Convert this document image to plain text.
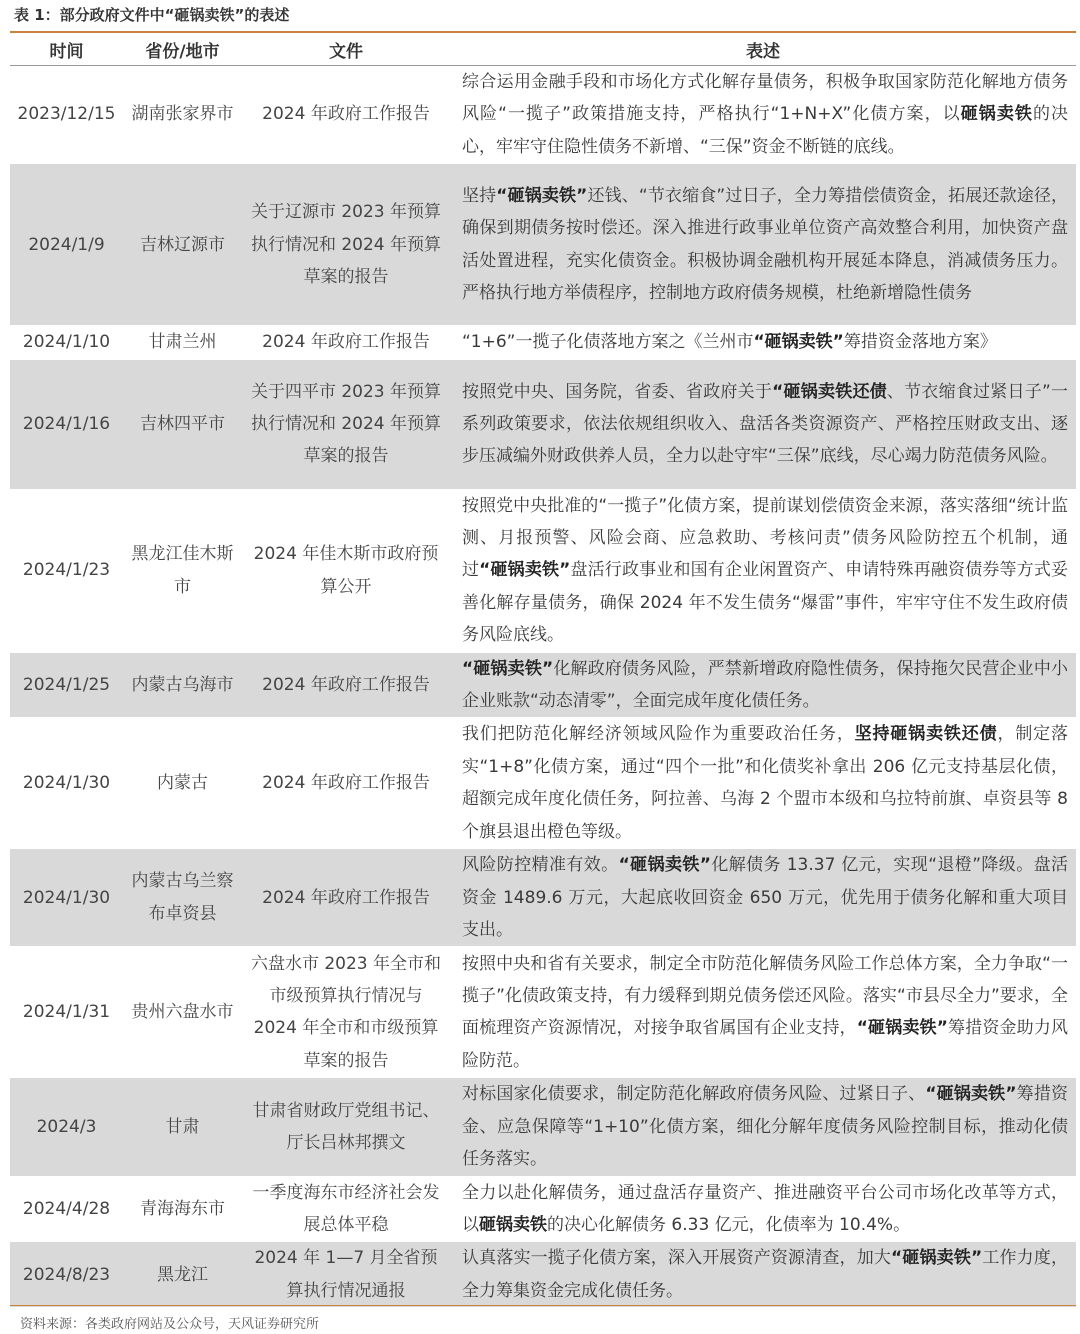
表 1：部分政府文件中“砸锅卖铁”的表述
时间	省份/地市	文件	表述
2023/12/15	湖南张家界市	2024 年政府工作报告	综合运用金融手段和市场化方式化解存量债务，积极争取国家防范化解地方债务风险“一揽子”政策措施支持，严格执行“1+N+X”化债方案，以砸锅卖铁的决心，牢牢守住隐性债务不新增、“三保”资金不断链的底线。
2024/1/9	吉林辽源市	关于辽源市 2023 年预算执行情况和 2024 年预算草案的报告	坚持“砸锅卖铁”还钱、“节衣缩食”过日子，全力筹措偿债资金，拓展还款途径，确保到期债务按时偿还。深入推进行政事业单位资产高效整合利用，加快资产盘活处置进程，充实化债资金。积极协调金融机构开展延本降息，消减债务压力。严格执行地方举债程序，控制地方政府债务规模，杜绝新增隐性债务
2024/1/10	甘肃兰州	2024 年政府工作报告	“1+6”一揽子化债落地方案之《兰州市“砸锅卖铁”筹措资金落地方案》
2024/1/16	吉林四平市	关于四平市 2023 年预算执行情况和 2024 年预算草案的报告	按照党中央、国务院，省委、省政府关于“砸锅卖铁还债、节衣缩食过紧日子”一系列政策要求，依法依规组织收入、盘活各类资源资产、严格控压财政支出、逐步压减编外财政供养人员，全力以赴守牢“三保”底线，尽心竭力防范债务风险。
2024/1/23	黑龙江佳木斯市	2024 年佳木斯市政府预算公开	按照党中央批准的“一揽子”化债方案，提前谋划偿债资金来源，落实落细“统计监测、月报预警、风险会商、应急救助、考核问责”债务风险防控五个机制，通过“砸锅卖铁”盘活行政事业和国有企业闲置资产、申请特殊再融资债券等方式妥善化解存量债务，确保 2024 年不发生债务“爆雷”事件，牢牢守住不发生政府债务风险底线。
2024/1/25	内蒙古乌海市	2024 年政府工作报告	“砸锅卖铁”化解政府债务风险，严禁新增政府隐性债务，保持拖欠民营企业中小企业账款“动态清零”，全面完成年度化债任务。
2024/1/30	内蒙古	2024 年政府工作报告	我们把防范化解经济领域风险作为重要政治任务，坚持砸锅卖铁还债，制定落实“1+8”化债方案，通过“四个一批”和化债奖补拿出 206 亿元支持基层化债，超额完成年度化债任务，阿拉善、乌海 2 个盟市本级和乌拉特前旗、卓资县等 8 个旗县退出橙色等级。
2024/1/30	内蒙古乌兰察布卓资县	2024 年政府工作报告	风险防控精准有效。“砸锅卖铁”化解债务 13.37 亿元，实现“退橙”降级。盘活资金 1489.6 万元，大起底收回资金 650 万元，优先用于债务化解和重大项目支出。
2024/1/31	贵州六盘水市	六盘水市 2023 年全市和市级预算执行情况与 2024 年全市和市级预算草案的报告	按照中央和省有关要求，制定全市防范化解债务风险工作总体方案，全力争取“一揽子”化债政策支持，有力缓释到期兑债务偿还风险。落实“市县尽全力”要求，全面梳理资产资源情况，对接争取省属国有企业支持，“砸锅卖铁”筹措资金助力风险防范。
2024/3	甘肃	甘肃省财政厅党组书记、厅长吕林邦撰文	对标国家化债要求，制定防范化解政府债务风险、过紧日子、“砸锅卖铁”筹措资金、应急保障等“1+10”化债方案，细化分解年度债务风险控制目标，推动化债任务落实。
2024/4/28	青海海东市	一季度海东市经济社会发展总体平稳	全力以赴化解债务，通过盘活存量资产、推进融资平台公司市场化改革等方式，以砸锅卖铁的决心化解债务 6.33 亿元，化债率为 10.4%。
2024/8/23	黑龙江	2024 年 1—7 月全省预算执行情况通报	认真落实一揽子化债方案，深入开展资产资源清查，加大“砸锅卖铁”工作力度，全力筹集资金完成化债任务。
资料来源：各类政府网站及公众号，天风证券研究所
